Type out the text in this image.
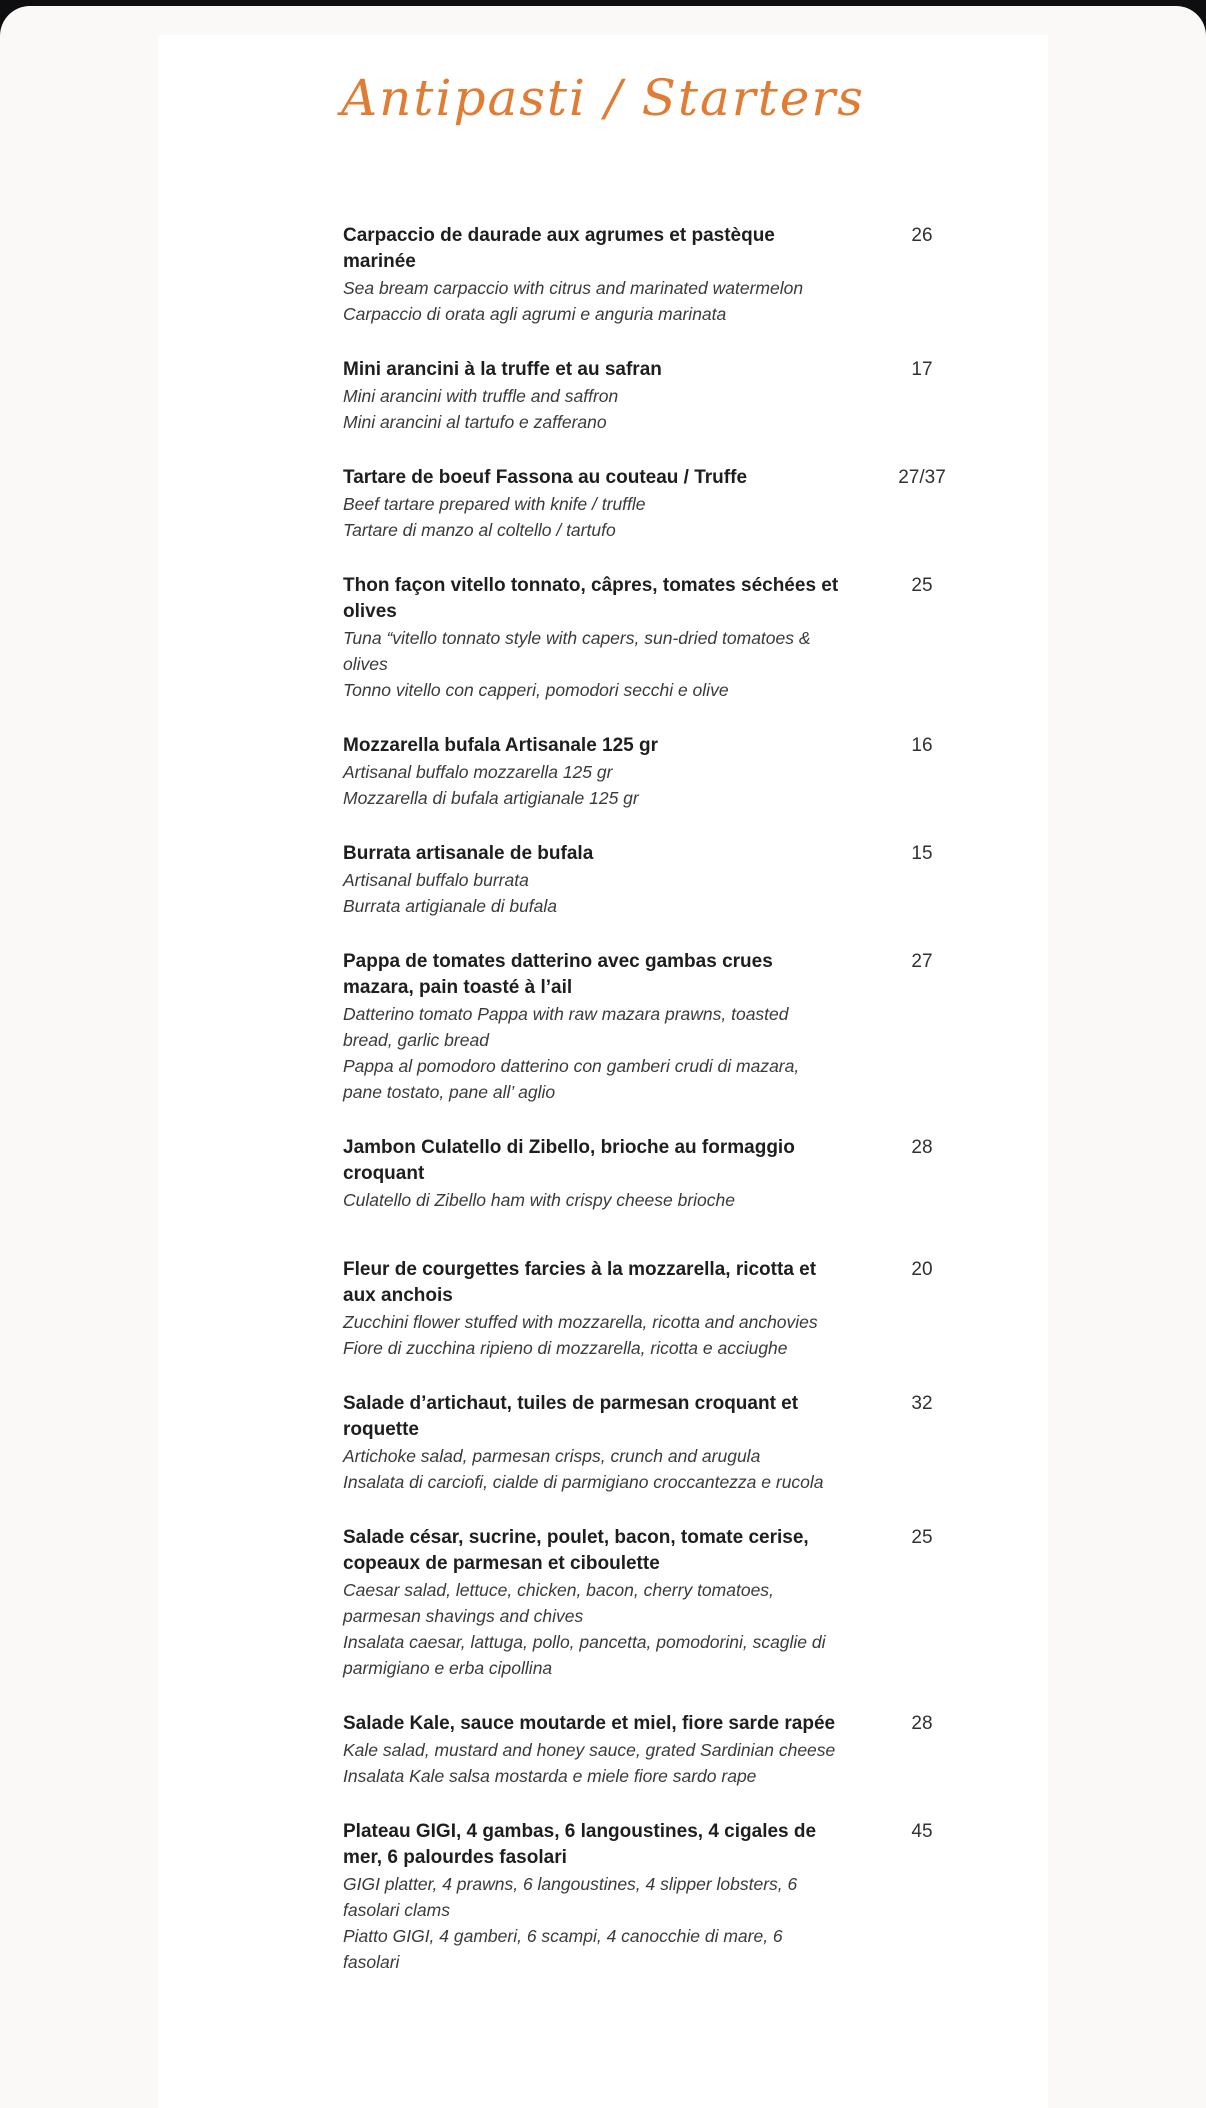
Antipasti / Starters
Carpaccio de daurade aux agrumes et pastèque marinée
Sea bream carpaccio with citrus and marinated watermelon
Carpaccio di orata agli agrumi e anguria marinata
26
Mini arancini à la truffe et au safran
Mini arancini with truffle and saffron
Mini arancini al tartufo e zafferano
17
Tartare de boeuf Fassona au couteau / Truffe
Beef tartare prepared with knife / truffle
Tartare di manzo al coltello / tartufo
27/37
Thon façon vitello tonnato, câpres, tomates séchées et olives
Tuna “vitello tonnato style with capers, sun-dried tomatoes & olives
Tonno vitello con capperi, pomodori secchi e olive
25
Mozzarella bufala Artisanale 125 gr
Artisanal buffalo mozzarella 125 gr
Mozzarella di bufala artigianale 125 gr
16
Burrata artisanale de bufala
Artisanal buffalo burrata
Burrata artigianale di bufala
15
Pappa de tomates datterino avec gambas crues mazara, pain toasté à l’ail
Datterino tomato Pappa with raw mazara prawns, toasted bread, garlic bread
Pappa al pomodoro datterino con gamberi crudi di mazara, pane tostato, pane all’ aglio
27
Jambon Culatello di Zibello, brioche au formaggio croquant
Culatello di Zibello ham with crispy cheese brioche
28
Fleur de courgettes farcies à la mozzarella, ricotta et aux anchois
Zucchini flower stuffed with mozzarella, ricotta and anchovies
Fiore di zucchina ripieno di mozzarella, ricotta e acciughe
20
Salade d’artichaut, tuiles de parmesan croquant et roquette
Artichoke salad, parmesan crisps, crunch and arugula
Insalata di carciofi, cialde di parmigiano croccantezza e rucola
32
Salade césar, sucrine, poulet, bacon, tomate cerise, copeaux de parmesan et ciboulette
Caesar salad, lettuce, chicken, bacon, cherry tomatoes, parmesan shavings and chives
Insalata caesar, lattuga, pollo, pancetta, pomodorini, scaglie di parmigiano e erba cipollina
25
Salade Kale, sauce moutarde et miel, fiore sarde rapée
Kale salad, mustard and honey sauce, grated Sardinian cheese
Insalata Kale salsa mostarda e miele fiore sardo rape
28
Plateau GIGI, 4 gambas, 6 langoustines, 4 cigales de mer, 6 palourdes fasolari
GIGI platter, 4 prawns, 6 langoustines, 4 slipper lobsters, 6 fasolari clams
Piatto GIGI, 4 gamberi, 6 scampi, 4 canocchie di mare, 6 fasolari
45
